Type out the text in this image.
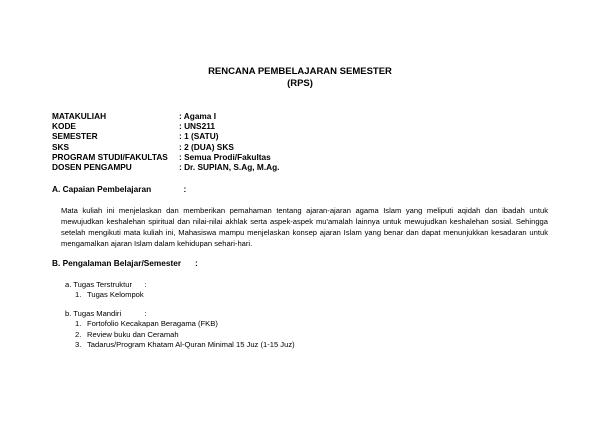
RENCANA PEMBELAJARAN SEMESTER
(RPS)
MATAKULIAH	: Agama I
KODE	: UNS211
SEMESTER	: 1 (SATU)
SKS	: 2 (DUA) SKS
PROGRAM STUDI/FAKULTAS : Semua Prodi/Fakultas
DOSEN PENGAMPU	: Dr. SUPIAN, S.Ag, M.Ag.
A. Capaian Pembelajaran	:
Mata kuliah ini menjelaskan dan memberikan pemahaman tentang ajaran-ajaran agama Islam yang meliputi aqidah dan ibadah untuk mewujudkan keshalehan spiritual dan nilai-nilai akhlak serta aspek-aspek mu'amalah lainnya untuk mewujudkan keshalehan sosial. Sehingga setelah mengikuti mata kuliah ini, Mahasiswa mampu menjelaskan konsep ajaran Islam yang benar dan dapat menunjukkan kesadaran untuk mengamalkan ajaran Islam dalam kehidupan sehari-hari.
B. Pengalaman Belajar/Semester :
a. Tugas Terstruktur :
1. Tugas Kelompok
b. Tugas Mandiri	:
1. Fortofolio Kecakapan Beragama (FKB)
2. Review buku dan Ceramah
3. Tadarus/Program Khatam Al-Quran Minimal 15 Juz (1-15 Juz)
